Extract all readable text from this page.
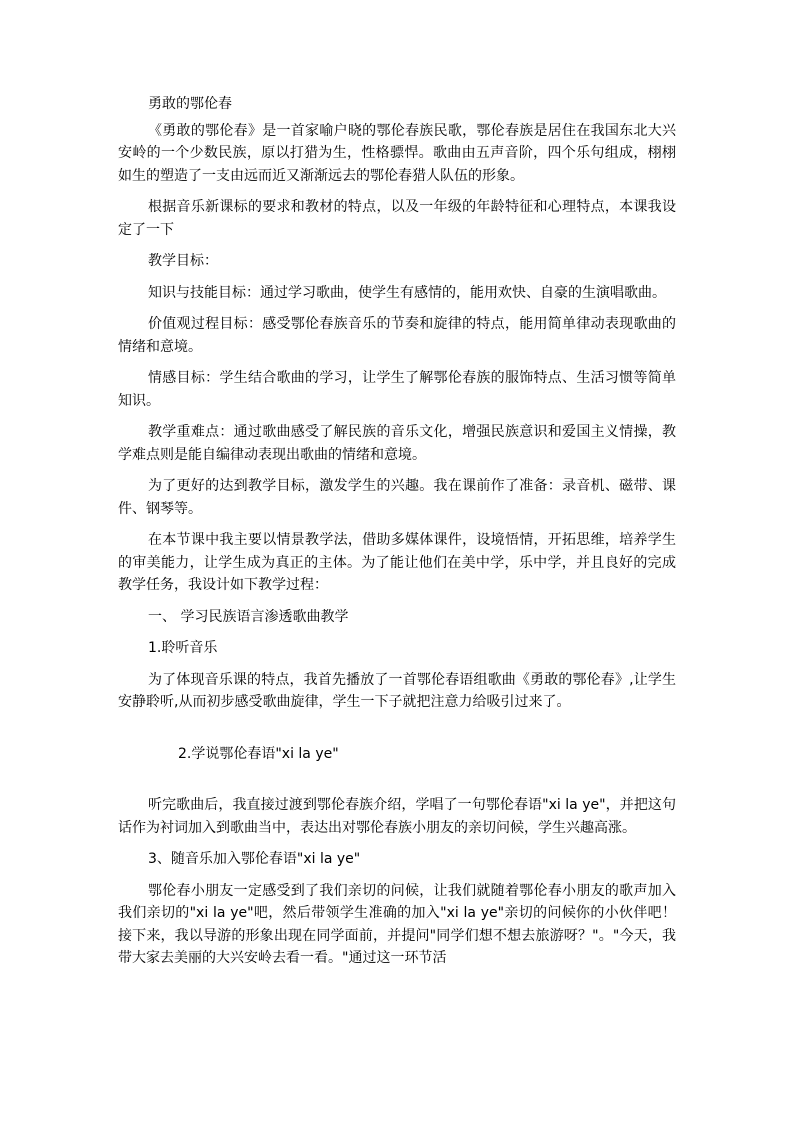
勇敢的鄂伦春

《勇敢的鄂伦春》是一首家喻户晓的鄂伦春族民歌，鄂伦春族是居住在我国东北大兴安岭的一个少数民族，原以打猎为生，性格骠悍。歌曲由五声音阶，四个乐句组成，栩栩如生的塑造了一支由远而近又渐渐远去的鄂伦春猎人队伍的形象。

根据音乐新课标的要求和教材的特点，以及一年级的年龄特征和心理特点，本课我设定了一下

教学目标：

知识与技能目标：通过学习歌曲，使学生有感情的，能用欢快、自豪的生演唱歌曲。

价值观过程目标：感受鄂伦春族音乐的节奏和旋律的特点，能用简单律动表现歌曲的情绪和意境。

情感目标：学生结合歌曲的学习，让学生了解鄂伦春族的服饰特点、生活习惯等简单知识。

教学重难点：通过歌曲感受了解民族的音乐文化，增强民族意识和爱国主义情操，教学难点则是能自编律动表现出歌曲的情绪和意境。

为了更好的达到教学目标，激发学生的兴趣。我在课前作了准备：录音机、磁带、课件、钢琴等。

在本节课中我主要以情景教学法，借助多媒体课件，设境悟情，开拓思维，培养学生的审美能力，让学生成为真正的主体。为了能让他们在美中学，乐中学，并且良好的完成教学任务，我设计如下教学过程：

一、 学习民族语言渗透歌曲教学

1.聆听音乐

为了体现音乐课的特点，我首先播放了一首鄂伦春语组歌曲《勇敢的鄂伦春》,让学生安静聆听,从而初步感受歌曲旋律，学生一下子就把注意力给吸引过来了。

2.学说鄂伦春语"xi la ye"

听完歌曲后，我直接过渡到鄂伦春族介绍，学唱了一句鄂伦春语"xi la ye"，并把这句话作为衬词加入到歌曲当中，表达出对鄂伦春族小朋友的亲切问候，学生兴趣高涨。

3、随音乐加入鄂伦春语"xi la ye"

鄂伦春小朋友一定感受到了我们亲切的问候，让我们就随着鄂伦春小朋友的歌声加入我们亲切的"xi la ye"吧，然后带领学生准确的加入"xi la ye"亲切的问候你的小伙伴吧！接下来，我以导游的形象出现在同学面前，并提问"同学们想不想去旅游呀？"。"今天，我带大家去美丽的大兴安岭去看一看。"通过这一环节活
